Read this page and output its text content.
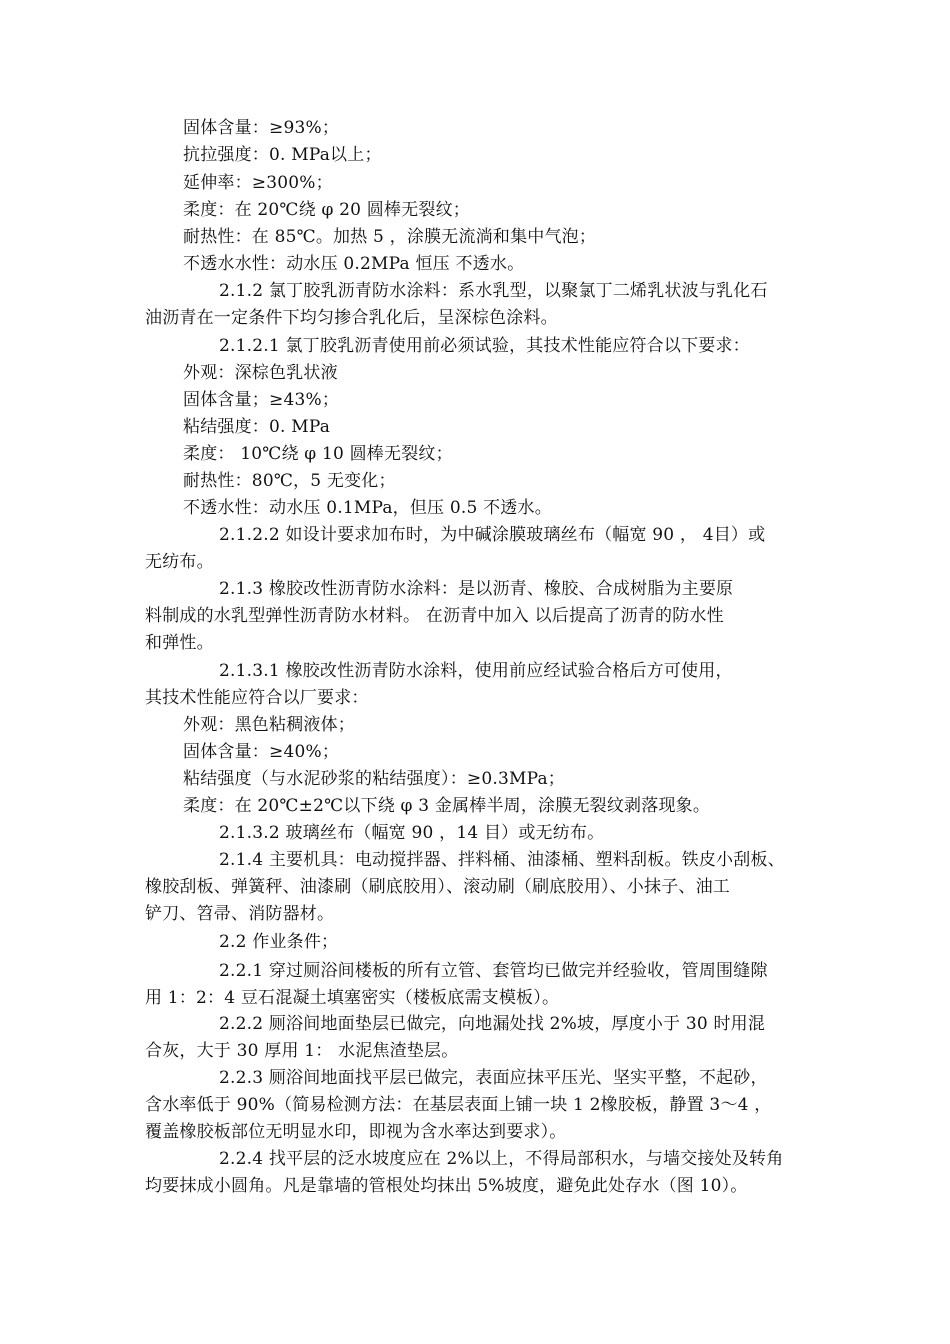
固体含量：≥93%；
抗拉强度：0. MPa以上；
延伸率：≥300%；
柔度：在 20℃绕 φ 20 圆棒无裂纹；
耐热性：在 85℃。加热 5 ，涂膜无流淌和集中气泡；
不透水水性：动水压 0.2MPa 恒压 不透水。
2.1.2 氯丁胶乳沥青防水涂料：系水乳型，以聚氯丁二烯乳状波与乳化石
油沥青在一定条件下均匀掺合乳化后，呈深棕色涂料。
2.1.2.1 氯丁胶乳沥青使用前必须试验，其技术性能应符合以下要求：
外观：深棕色乳状液
固体含量；≥43%；
粘结强度：0. MPa
柔度： 10℃绕 φ 10 圆棒无裂纹；
耐热性：80℃，5 无变化；
不透水性：动水压 0.1MPa，但压 0.5 不透水。
2.1.2.2 如设计要求加布时，为中碱涂膜玻璃丝布（幅宽 90 ， 4目）或
无纺布。
2.1.3 橡胶改性沥青防水涂料：是以沥青、橡胶、合成树脂为主要原
料制成的水乳型弹性沥青防水材料。 在沥青中加入 以后提高了沥青的防水性
和弹性。
2.1.3.1 橡胶改性沥青防水涂料，使用前应经试验合格后方可使用，
其技术性能应符合以厂要求：
外观：黑色粘稠液体；
固体含量：≥40%；
粘结强度（与水泥砂浆的粘结强度）：≥0.3MPa；
柔度：在 20℃±2℃以下绕 φ 3 金属棒半周，涂膜无裂纹剥落现象。
2.1.3.2 玻璃丝布（幅宽 90 ，14 目）或无纺布。
2.1.4 主要机具：电动搅拌器、拌料桶、油漆桶、塑料刮板。铁皮小刮板、
橡胶刮板、弹簧秤、油漆刷（刷底胶用）、滚动刷（刷底胶用）、小抹子、油工
铲刀、笤帚、消防器材。
2.2 作业条件；
2.2.1 穿过厕浴间楼板的所有立管、套管均已做完并经验收，管周围缝隙
用 1：2：4 豆石混凝土填塞密实（楼板底需支模板）。
2.2.2 厕浴间地面垫层已做完，向地漏处找 2%坡，厚度小于 30 时用混
合灰，大于 30 厚用 1： 水泥焦渣垫层。
2.2.3 厕浴间地面找平层已做完，表面应抹平压光、坚实平整，不起砂，
含水率低于 90%（简易检测方法：在基层表面上铺一块 1 2橡胶板，静置 3～4 ，
覆盖橡胶板部位无明显水印，即视为含水率达到要求）。
2.2.4 找平层的泛水坡度应在 2%以上，不得局部积水，与墙交接处及转角
均要抹成小圆角。凡是靠墙的管根处均抹出 5%坡度，避免此处存水（图 10）。
